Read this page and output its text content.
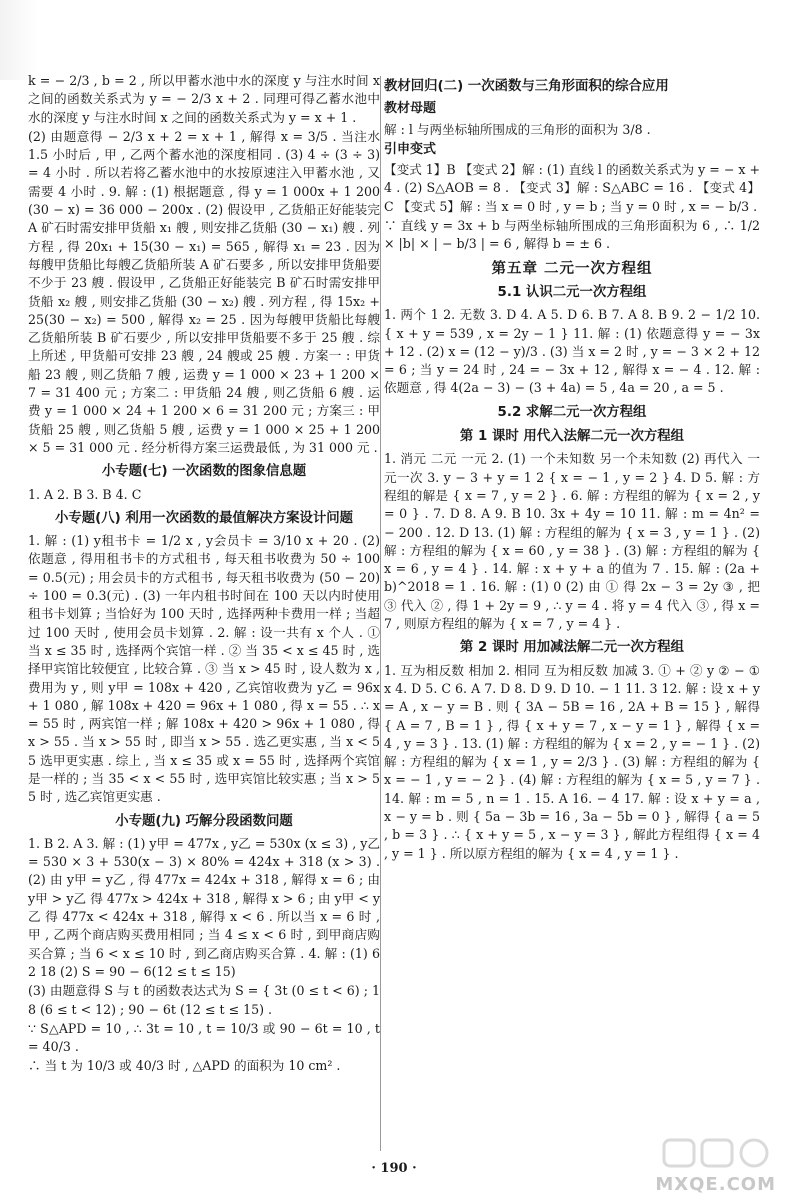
k = − 2/3 , b = 2 , 所以甲蓄水池中水的深度 y 与注水时间 x 之间的函数关系式为 y = − 2/3 x + 2 . 同理可得乙蓄水池中水的深度 y 与注水时间 x 之间的函数关系式为 y = x + 1 .
(2) 由题意得 − 2/3 x + 2 = x + 1 , 解得 x = 3/5 . 当注水 1.5 小时后 , 甲 , 乙两个蓄水池的深度相同 . (3) 4 ÷ (3 ÷ 3) = 4 小时 . 所以若将乙蓄水池中的水按原速注入甲蓄水池 , 又需要 4 小时 . 9. 解 : (1) 根据题意 , 得 y = 1 000x + 1 200(30 − x) = 36 000 − 200x . (2) 假设甲 , 乙货船正好能装完 A 矿石时需安排甲货船 x₁ 艘 , 则安排乙货船 (30 − x₁) 艘 . 列方程 , 得 20x₁ + 15(30 − x₁) = 565 , 解得 x₁ = 23 . 因为每艘甲货船比每艘乙货船所装 A 矿石要多 , 所以安排甲货船要不少于 23 艘 . 假设甲 , 乙货船正好能装完 B 矿石时需安排甲货船 x₂ 艘 , 则安排乙货船 (30 − x₂) 艘 . 列方程 , 得 15x₂ + 25(30 − x₂) = 500 , 解得 x₂ = 25 . 因为每艘甲货船比每艘乙货船所装 B 矿石要少 , 所以安排甲货船要不多于 25 艘 . 综上所述 , 甲货船可安排 23 艘 , 24 艘或 25 艘 . 方案一 : 甲货船 23 艘 , 则乙货船 7 艘 , 运费 y = 1 000 × 23 + 1 200 × 7 = 31 400 元 ; 方案二 : 甲货船 24 艘 , 则乙货船 6 艘 . 运费 y = 1 000 × 24 + 1 200 × 6 = 31 200 元 ; 方案三 : 甲货船 25 艘 , 则乙货船 5 艘 , 运费 y = 1 000 × 25 + 1 200 × 5 = 31 000 元 . 经分析得方案三运费最低 , 为 31 000 元 .
小专题(七) 一次函数的图象信息题
1. A 2. B 3. B 4. C
小专题(八) 利用一次函数的最值解决方案设计问题
1. 解 : (1) y租书卡 = 1/2 x , y会员卡 = 3/10 x + 20 . (2) 依题意 , 得用租书卡的方式租书 , 每天租书收费为 50 ÷ 100 = 0.5(元) ; 用会员卡的方式租书 , 每天租书收费为 (50 − 20) ÷ 100 = 0.3(元) . (3) 一年内租书时间在 100 天以内时使用租书卡划算 ; 当恰好为 100 天时 , 选择两种卡费用一样 ; 当超过 100 天时 , 使用会员卡划算 . 2. 解 : 设一共有 x 个人 . ① 当 x ≤ 35 时 , 选择两个宾馆一样 . ② 当 35 < x ≤ 45 时 , 选择甲宾馆比较便宜 , 比较合算 . ③ 当 x > 45 时 , 设人数为 x , 费用为 y , 则 y甲 = 108x + 420 , 乙宾馆收费为 y乙 = 96x + 1 080 , 解 108x + 420 = 96x + 1 080 , 得 x = 55 . ∴ x = 55 时 , 两宾馆一样 ; 解 108x + 420 > 96x + 1 080 , 得 x > 55 . 当 x > 55 时 , 即当 x > 55 . 选乙更实惠 , 当 x < 55 选甲更实惠 . 综上 , 当 x ≤ 35 或 x = 55 时 , 选择两个宾馆是一样的 ; 当 35 < x < 55 时 , 选甲宾馆比较实惠 ; 当 x > 55 时 , 选乙宾馆更实惠 .
小专题(九) 巧解分段函数问题
1. B 2. A 3. 解 : (1) y甲 = 477x , y乙 = 530x (x ≤ 3) , y乙 = 530 × 3 + 530(x − 3) × 80% = 424x + 318 (x > 3) . (2) 由 y甲 = y乙 , 得 477x = 424x + 318 , 解得 x = 6 ; 由 y甲 > y乙 得 477x > 424x + 318 , 解得 x > 6 ; 由 y甲 < y乙 得 477x < 424x + 318 , 解得 x < 6 . 所以当 x = 6 时 , 甲 , 乙两个商店购买费用相同 ; 当 4 ≤ x < 6 时 , 到甲商店购买合算 ; 当 6 < x ≤ 10 时 , 到乙商店购买合算 . 4. 解 : (1) 6 2 18 (2) S = 90 − 6(12 ≤ t ≤ 15)
(3) 由题意得 S 与 t 的函数表达式为 S = { 3t (0 ≤ t < 6) ; 18 (6 ≤ t < 12) ; 90 − 6t (12 ≤ t ≤ 15) .
∵ S△APD = 10 , ∴ 3t = 10 , t = 10/3 或 90 − 6t = 10 , t = 40/3 .
∴ 当 t 为 10/3 或 40/3 时 , △APD 的面积为 10 cm² .
教材回归(二) 一次函数与三角形面积的综合应用
教材母题
解 : l 与两坐标轴所围成的三角形的面积为 3/8 .
引申变式
【变式 1】B 【变式 2】解 : (1) 直线 l 的函数关系式为 y = − x + 4 . (2) S△AOB = 8 . 【变式 3】解 : S△ABC = 16 . 【变式 4】C 【变式 5】解 : 当 x = 0 时 , y = b ; 当 y = 0 时 , x = − b/3 .
∵ 直线 y = 3x + b 与两坐标轴所围成的三角形面积为 6 , ∴ 1/2 × |b| × | − b/3 | = 6 , 解得 b = ± 6 .
第五章 二元一次方程组
5.1 认识二元一次方程组
1. 两个 1 2. 无数 3. D 4. A 5. D 6. B 7. A 8. B 9. 2 − 1/2 10. { x + y = 539 , x = 2y − 1 } 11. 解 : (1) 依题意得 y = − 3x + 12 . (2) x = (12 − y)/3 . (3) 当 x = 2 时 , y = − 3 × 2 + 12 = 6 ; 当 y = 24 时 , 24 = − 3x + 12 , 解得 x = − 4 . 12. 解 : 依题意 , 得 4(2a − 3) − (3 + 4a) = 5 , 4a = 20 , a = 5 .
5.2 求解二元一次方程组
第 1 课时 用代入法解二元一次方程组
1. 消元 二元 一元 2. (1) 一个未知数 另一个未知数 (2) 再代入 一元一次 3. y − 3 + y = 1 2 { x = − 1 , y = 2 } 4. D 5. 解 : 方程组的解是 { x = 7 , y = 2 } . 6. 解 : 方程组的解为 { x = 2 , y = 0 } . 7. D 8. A 9. B 10. 3x + 4y = 10 11. 解 : m = 4n² = − 200 . 12. D 13. (1) 解 : 方程组的解为 { x = 3 , y = 1 } . (2) 解 : 方程组的解为 { x = 60 , y = 38 } . (3) 解 : 方程组的解为 { x = 6 , y = 4 } . 14. 解 : x + y + a 的值为 7 . 15. 解 : (2a + b)^2018 = 1 . 16. 解 : (1) 0 (2) 由 ① 得 2x − 3 = 2y ③ , 把 ③ 代入 ② , 得 1 + 2y = 9 , ∴ y = 4 . 将 y = 4 代入 ③ , 得 x = 7 , 则原方程组的解为 { x = 7 , y = 4 } .
第 2 课时 用加减法解二元一次方程组
1. 互为相反数 相加 2. 相同 互为相反数 加减 3. ① + ② y ② − ① x 4. D 5. C 6. A 7. D 8. D 9. D 10. − 1 11. 3 12. 解 : 设 x + y = A , x − y = B . 则 { 3A − 5B = 16 , 2A + B = 15 } , 解得 { A = 7 , B = 1 } , 得 { x + y = 7 , x − y = 1 } , 解得 { x = 4 , y = 3 } . 13. (1) 解 : 方程组的解为 { x = 2 , y = − 1 } . (2) 解 : 方程组的解为 { x = 1 , y = 2/3 } . (3) 解 : 方程组的解为 { x = − 1 , y = − 2 } . (4) 解 : 方程组的解为 { x = 5 , y = 7 } . 14. 解 : m = 5 , n = 1 . 15. A 16. − 4 17. 解 : 设 x + y = a , x − y = b . 则 { 5a − 3b = 16 , 3a − 5b = 0 } , 解得 { a = 5 , b = 3 } . ∴ { x + y = 5 , x − y = 3 } , 解此方程组得 { x = 4 , y = 1 } . 所以原方程组的解为 { x = 4 , y = 1 } .
· 190 ·
MXQE.COM
